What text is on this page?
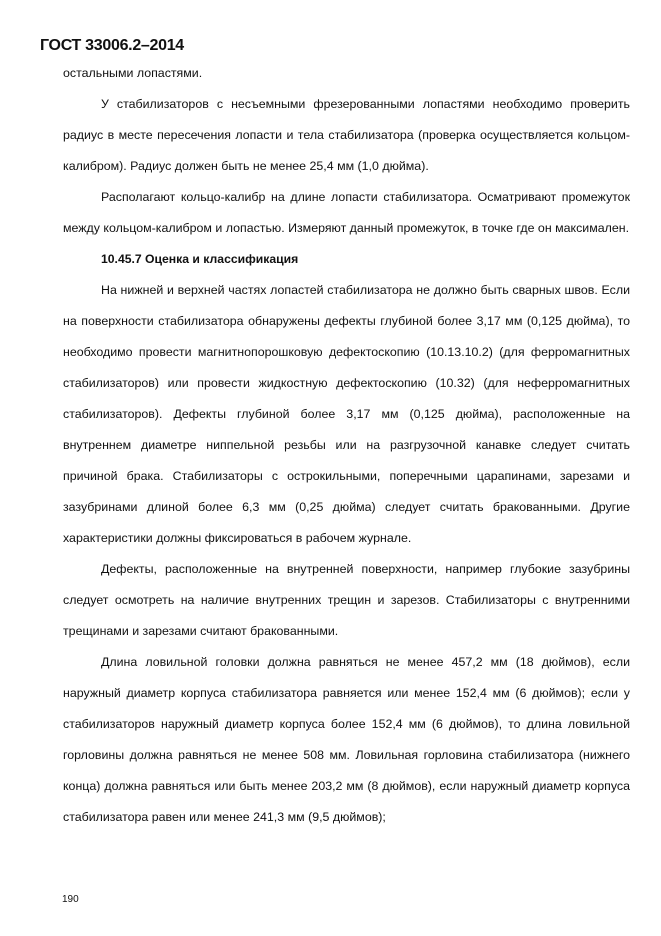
ГОСТ 33006.2–2014

остальными лопастями.

У стабилизаторов с несъемными фрезерованными лопастями необходимо проверить радиус в месте пересечения лопасти и тела стабилизатора (проверка осуществляется кольцом-калибром). Радиус должен быть не менее 25,4 мм (1,0 дюйма).

Располагают кольцо-калибр на длине лопасти стабилизатора. Осматривают промежуток между кольцом-калибром и лопастью. Измеряют данный промежуток, в точке где он максимален.

10.45.7 Оценка и классификация

На нижней и верхней частях лопастей стабилизатора не должно быть сварных швов. Если на поверхности стабилизатора обнаружены дефекты глубиной более 3,17 мм (0,125 дюйма), то необходимо провести магнитнопорошковую дефектоскопию (10.13.10.2) (для ферромагнитных стабилизаторов) или провести жидкостную дефектоскопию (10.32) (для неферромагнитных стабилизаторов). Дефекты глубиной более 3,17 мм (0,125 дюйма), расположенные на внутреннем диаметре ниппельной резьбы или на разгрузочной канавке следует считать причиной брака. Стабилизаторы с острокильными, поперечными царапинами, зарезами и зазубринами длиной более 6,3 мм (0,25 дюйма) следует считать бракованными. Другие характеристики должны фиксироваться в рабочем журнале.

Дефекты, расположенные на внутренней поверхности, например глубокие зазубрины следует осмотреть на наличие внутренних трещин и зарезов. Стабилизаторы с внутренними трещинами и зарезами считают бракованными.

Длина ловильной головки должна равняться не менее 457,2 мм (18 дюймов), если наружный диаметр корпуса стабилизатора равняется или менее 152,4 мм (6 дюймов); если у стабилизаторов наружный диаметр корпуса более 152,4 мм (6 дюймов), то длина ловильной горловины должна равняться не менее 508 мм. Ловильная горловина стабилизатора (нижнего конца) должна равняться или быть менее 203,2 мм (8 дюймов), если наружный диаметр корпуса стабилизатора равен или менее 241,3 мм (9,5 дюймов);

190
